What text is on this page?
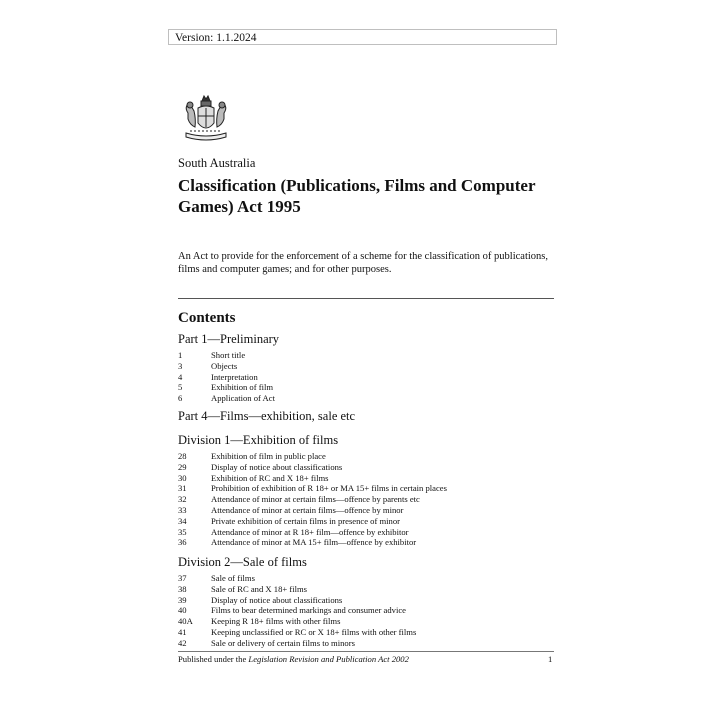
Version: 1.1.2024
South Australia
Classification (Publications, Films and Computer Games) Act 1995
An Act to provide for the enforcement of a scheme for the classification of publications, films and computer games; and for other purposes.
Contents
Part 1—Preliminary
1	Short title
3	Objects
4	Interpretation
5	Exhibition of film
6	Application of Act
Part 4—Films—exhibition, sale etc
Division 1—Exhibition of films
28	Exhibition of film in public place
29	Display of notice about classifications
30	Exhibition of RC and X 18+ films
31	Prohibition of exhibition of R 18+ or MA 15+ films in certain places
32	Attendance of minor at certain films—offence by parents etc
33	Attendance of minor at certain films—offence by minor
34	Private exhibition of certain films in presence of minor
35	Attendance of minor at R 18+ film—offence by exhibitor
36	Attendance of minor at MA 15+ film—offence by exhibitor
Division 2—Sale of films
37	Sale of films
38	Sale of RC and X 18+ films
39	Display of notice about classifications
40	Films to bear determined markings and consumer advice
40A	Keeping R 18+ films with other films
41	Keeping unclassified or RC or X 18+ films with other films
42	Sale or delivery of certain films to minors
Published under the Legislation Revision and Publication Act 2002	1
